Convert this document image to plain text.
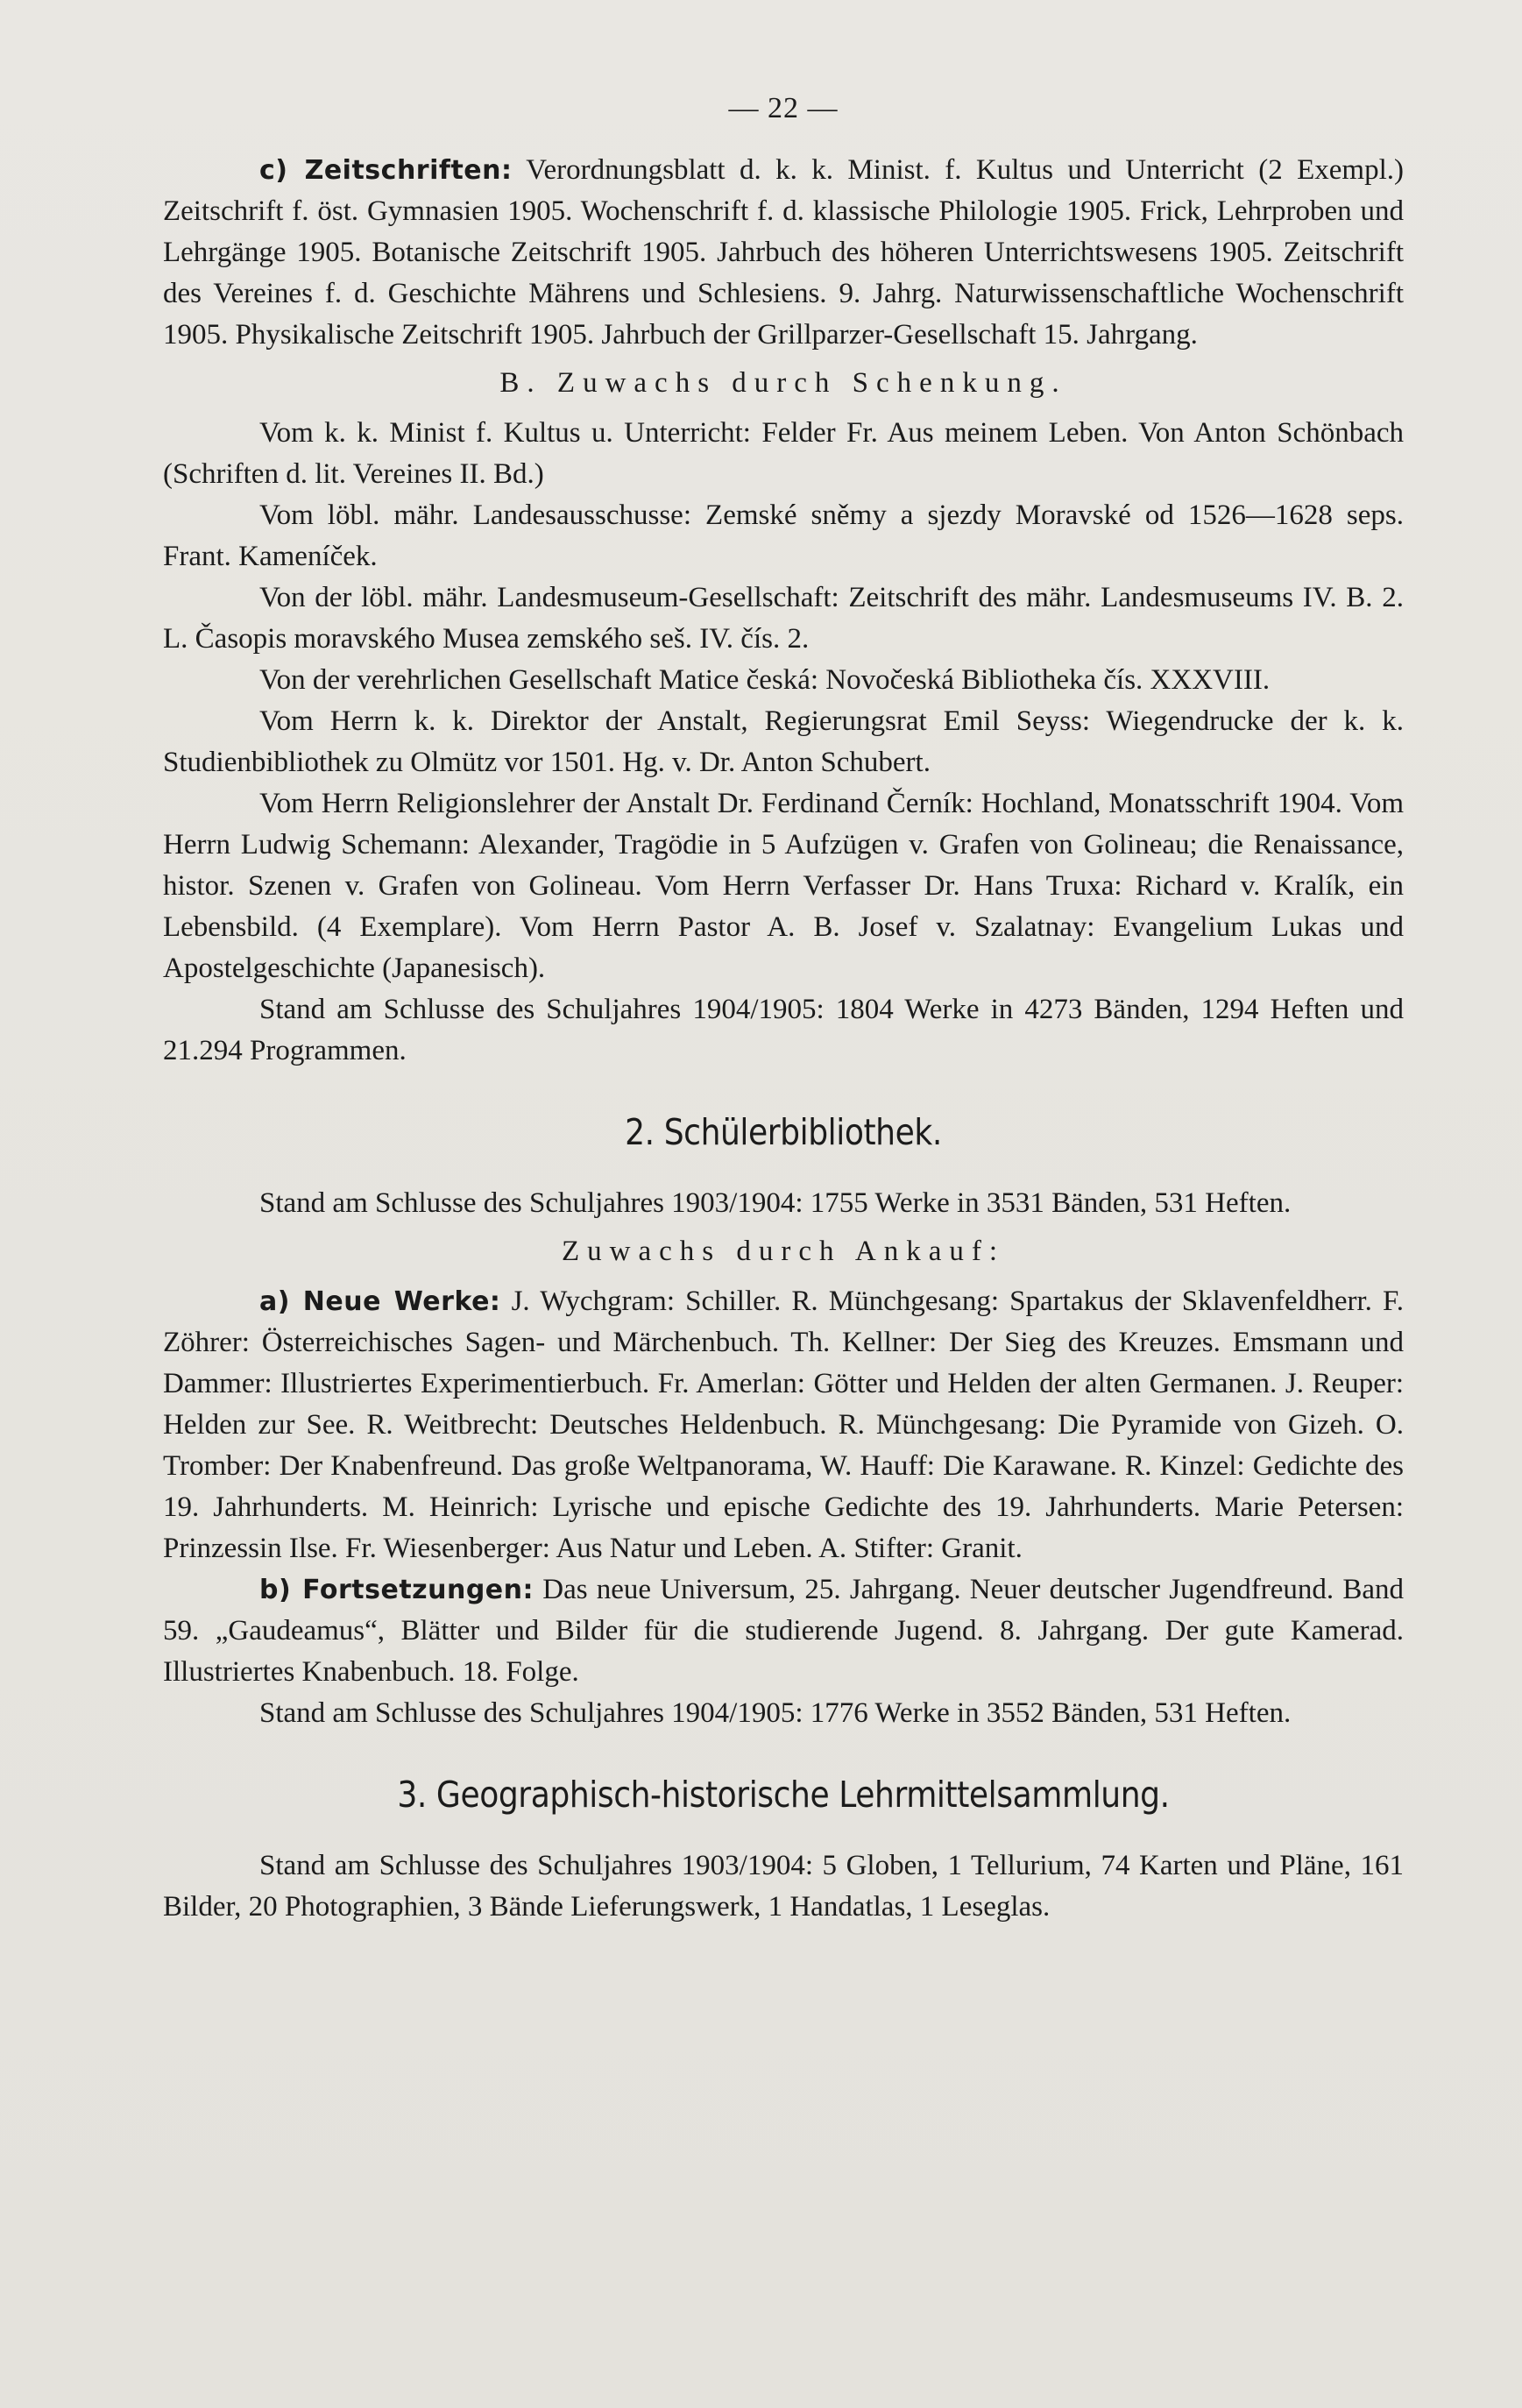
— 22 —

c) Zeitschriften: Verordnungsblatt d. k. k. Minist. f. Kultus und Unterricht (2 Exempl.) Zeitschrift f. öst. Gymnasien 1905. Wochenschrift f. d. klassische Philologie 1905. Frick, Lehrproben und Lehrgänge 1905. Botanische Zeitschrift 1905. Jahrbuch des höheren Unterrichtswesens 1905. Zeitschrift des Vereines f. d. Geschichte Mährens und Schlesiens. 9. Jahrg. Naturwissenschaftliche Wochenschrift 1905. Physikalische Zeitschrift 1905. Jahrbuch der Grillparzer-Gesellschaft 15. Jahrgang.

B. Zuwachs durch Schenkung.

Vom k. k. Minist f. Kultus u. Unterricht: Felder Fr. Aus meinem Leben. Von Anton Schönbach (Schriften d. lit. Vereines II. Bd.)

Vom löbl. mähr. Landesausschusse: Zemské sněmy a sjezdy Moravské od 1526—1628 seps. Frant. Kameníček.

Von der löbl. mähr. Landesmuseum-Gesellschaft: Zeitschrift des mähr. Landesmuseums IV. B. 2. L. Časopis moravského Musea zemského seš. IV. čís. 2.

Von der verehrlichen Gesellschaft Matice česká: Novočeská Bibliotheka čís. XXXVIII.

Vom Herrn k. k. Direktor der Anstalt, Regierungsrat Emil Seyss: Wiegendrucke der k. k. Studienbibliothek zu Olmütz vor 1501. Hg. v. Dr. Anton Schubert.

Vom Herrn Religionslehrer der Anstalt Dr. Ferdinand Černík: Hochland, Monatsschrift 1904. Vom Herrn Ludwig Schemann: Alexander, Tragödie in 5 Aufzügen v. Grafen von Golineau; die Renaissance, histor. Szenen v. Grafen von Golineau. Vom Herrn Verfasser Dr. Hans Truxa: Richard v. Kralík, ein Lebensbild. (4 Exemplare). Vom Herrn Pastor A. B. Josef v. Szalatnay: Evangelium Lukas und Apostelgeschichte (Japanesisch).

Stand am Schlusse des Schuljahres 1904/1905: 1804 Werke in 4273 Bänden, 1294 Heften und 21.294 Programmen.

2. Schülerbibliothek.

Stand am Schlusse des Schuljahres 1903/1904: 1755 Werke in 3531 Bänden, 531 Heften.

Zuwachs durch Ankauf:

a) Neue Werke: J. Wychgram: Schiller. R. Münchgesang: Spartakus der Sklavenfeldherr. F. Zöhrer: Österreichisches Sagen- und Märchenbuch. Th. Kellner: Der Sieg des Kreuzes. Emsmann und Dammer: Illustriertes Experimentierbuch. Fr. Amerlan: Götter und Helden der alten Germanen. J. Reuper: Helden zur See. R. Weitbrecht: Deutsches Heldenbuch. R. Münchgesang: Die Pyramide von Gizeh. O. Tromber: Der Knabenfreund. Das große Weltpanorama, W. Hauff: Die Karawane. R. Kinzel: Gedichte des 19. Jahrhunderts. M. Heinrich: Lyrische und epische Gedichte des 19. Jahrhunderts. Marie Petersen: Prinzessin Ilse. Fr. Wiesenberger: Aus Natur und Leben. A. Stifter: Granit.

b) Fortsetzungen: Das neue Universum, 25. Jahrgang. Neuer deutscher Jugendfreund. Band 59. „Gaudeamus“, Blätter und Bilder für die studierende Jugend. 8. Jahrgang. Der gute Kamerad. Illustriertes Knabenbuch. 18. Folge.

Stand am Schlusse des Schuljahres 1904/1905: 1776 Werke in 3552 Bänden, 531 Heften.

3. Geographisch-historische Lehrmittelsammlung.

Stand am Schlusse des Schuljahres 1903/1904: 5 Globen, 1 Tellurium, 74 Karten und Pläne, 161 Bilder, 20 Photographien, 3 Bände Lieferungswerk, 1 Handatlas, 1 Leseglas.
